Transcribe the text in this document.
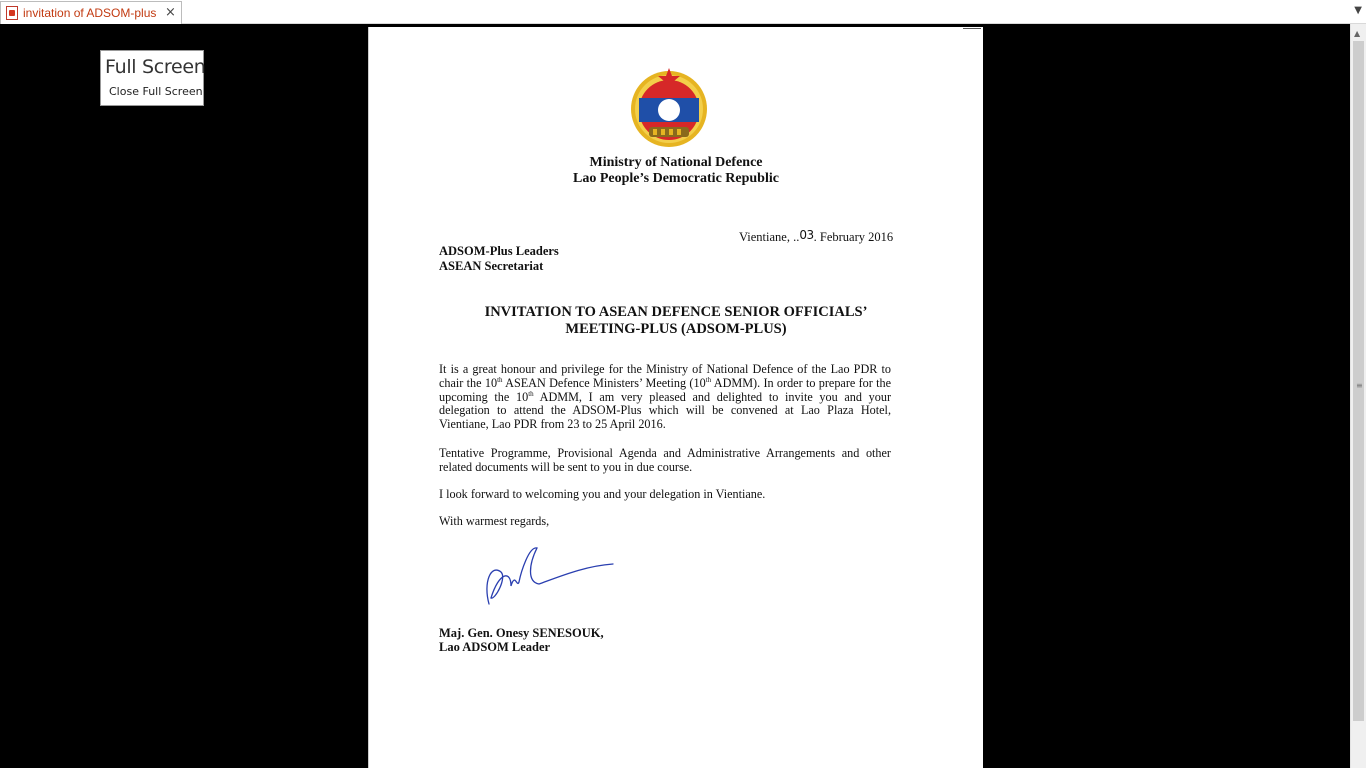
invitation of ADSOM-plus ×	▼
Full Screen
Close Full Screen
Ministry of National Defence
Lao People’s Democratic Republic
Vientiane, ..03. February 2016
ADSOM-Plus Leaders
ASEAN Secretariat
INVITATION TO ASEAN DEFENCE SENIOR OFFICIALS’
MEETING-PLUS (ADSOM-PLUS)
It is a great honour and privilege for the Ministry of National Defence of the Lao PDR to chair the 10th ASEAN Defence Ministers’ Meeting (10th ADMM). In order to prepare for the upcoming the 10th ADMM, I am very pleased and delighted to invite you and your delegation to attend the ADSOM-Plus which will be convened at Lao Plaza Hotel, Vientiane, Lao PDR from 23 to 25 April 2016.
Tentative Programme, Provisional Agenda and Administrative Arrangements and other related documents will be sent to you in due course.
I look forward to welcoming you and your delegation in Vientiane.
With warmest regards,
Maj. Gen. Onesy SENESOUK,
Lao ADSOM Leader
▲
≡
